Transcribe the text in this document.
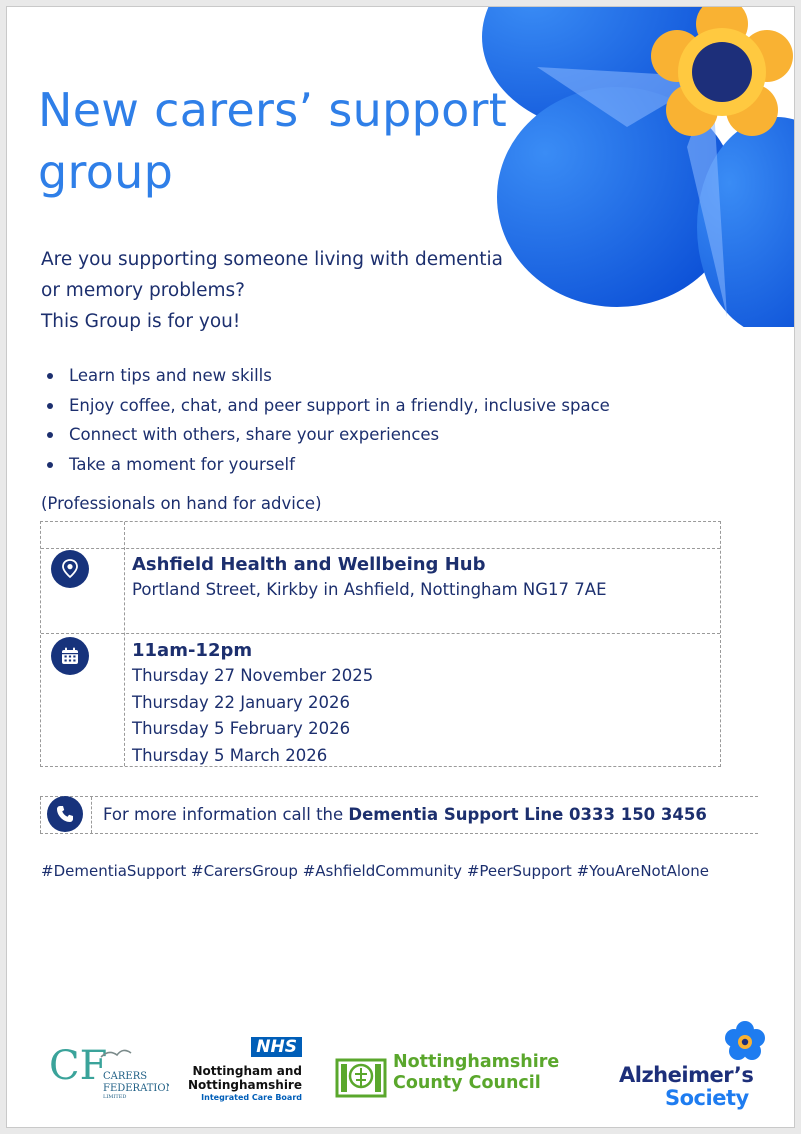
New carers’ support
group
Are you supporting someone living with dementia
or memory problems?
This Group is for you!
Learn tips and new skills
Enjoy coffee, chat, and peer support in a friendly, inclusive space
Connect with others, share your experiences
Take a moment for yourself
(Professionals on hand for advice)
Ashfield Health and Wellbeing Hub
Portland Street, Kirkby in Ashfield, Nottingham NG17 7AE
11am-12pm
Thursday 27 November 2025
Thursday 22 January 2026
Thursday 5 February 2026
Thursday 5 March 2026
For more information call the Dementia Support Line 0333 150 3456
#DementiaSupport #CarersGroup #AshfieldCommunity #PeerSupport #YouAreNotAlone
CF
CARERS
FEDERATION
LIMITED
NHS
Nottingham and
Nottinghamshire
Integrated Care Board
Nottinghamshire
County Council	Alzheimer’s
Society
